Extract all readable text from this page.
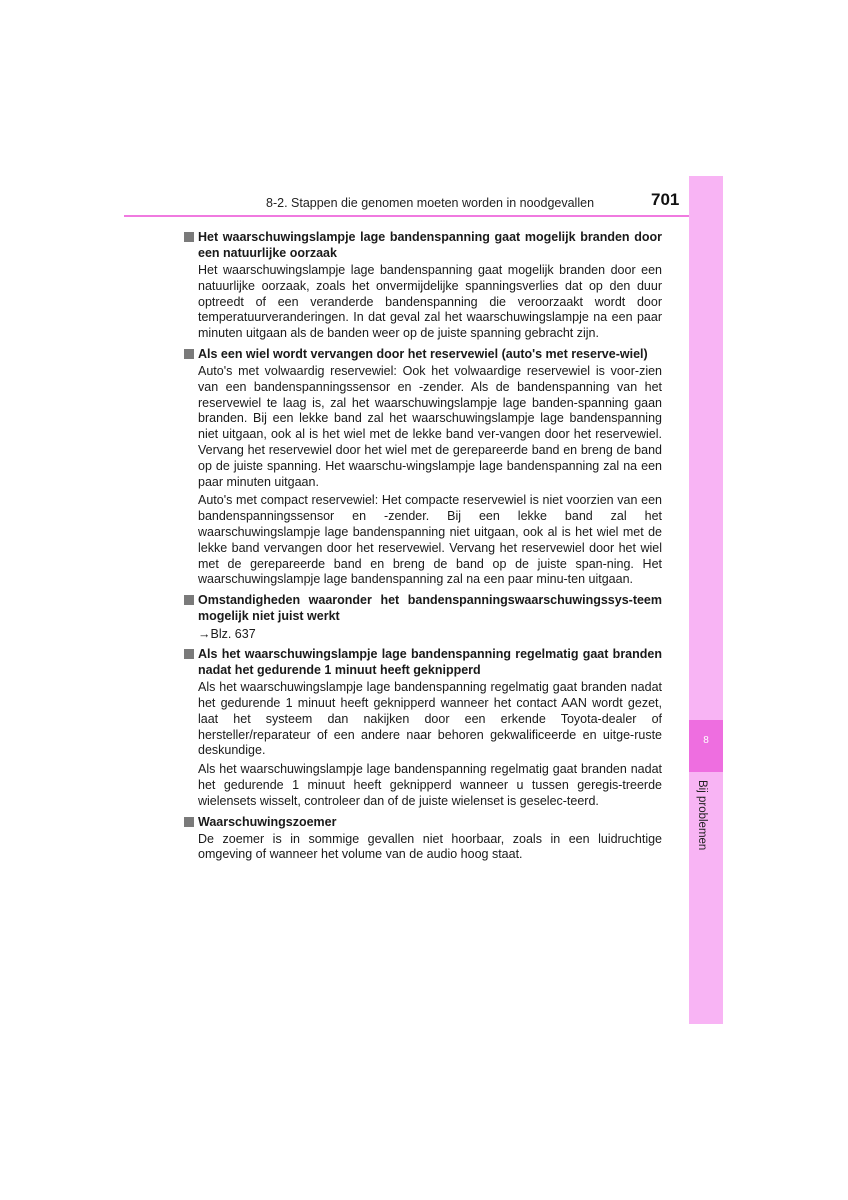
8-2. Stappen die genomen moeten worden in noodgevallen	701
8
Bij problemen
Het waarschuwingslampje lage bandenspanning gaat mogelijk branden door een natuurlijke oorzaak
Het waarschuwingslampje lage bandenspanning gaat mogelijk branden door een natuurlijke oorzaak, zoals het onvermijdelijke spanningsverlies dat op den duur optreedt of een veranderde bandenspanning die veroorzaakt wordt door temperatuurveranderingen. In dat geval zal het waarschuwingslampje na een paar minuten uitgaan als de banden weer op de juiste spanning gebracht zijn.
Als een wiel wordt vervangen door het reservewiel (auto's met reserve-wiel)
Auto's met volwaardig reservewiel: Ook het volwaardige reservewiel is voor-zien van een bandenspanningssensor en -zender. Als de bandenspanning van het reservewiel te laag is, zal het waarschuwingslampje lage banden-spanning gaan branden. Bij een lekke band zal het waarschuwingslampje lage bandenspanning niet uitgaan, ook al is het wiel met de lekke band ver-vangen door het reservewiel. Vervang het reservewiel door het wiel met de gerepareerde band en breng de band op de juiste spanning. Het waarschu-wingslampje lage bandenspanning zal na een paar minuten uitgaan.
Auto's met compact reservewiel: Het compacte reservewiel is niet voorzien van een bandenspanningssensor en -zender. Bij een lekke band zal het waarschuwingslampje lage bandenspanning niet uitgaan, ook al is het wiel met de lekke band vervangen door het reservewiel. Vervang het reservewiel door het wiel met de gerepareerde band en breng de band op de juiste span-ning. Het waarschuwingslampje lage bandenspanning zal na een paar minu-ten uitgaan.
Omstandigheden waaronder het bandenspanningswaarschuwingssys-teem mogelijk niet juist werkt
→Blz. 637
Als het waarschuwingslampje lage bandenspanning regelmatig gaat branden nadat het gedurende 1 minuut heeft geknipperd
Als het waarschuwingslampje lage bandenspanning regelmatig gaat branden nadat het gedurende 1 minuut heeft geknipperd wanneer het contact AAN wordt gezet, laat het systeem dan nakijken door een erkende Toyota-dealer of hersteller/reparateur of een andere naar behoren gekwalificeerde en uitge-ruste deskundige.
Als het waarschuwingslampje lage bandenspanning regelmatig gaat branden nadat het gedurende 1 minuut heeft geknipperd wanneer u tussen geregis-treerde wielensets wisselt, controleer dan of de juiste wielenset is geselec-teerd.
Waarschuwingszoemer
De zoemer is in sommige gevallen niet hoorbaar, zoals in een luidruchtige omgeving of wanneer het volume van de audio hoog staat.
